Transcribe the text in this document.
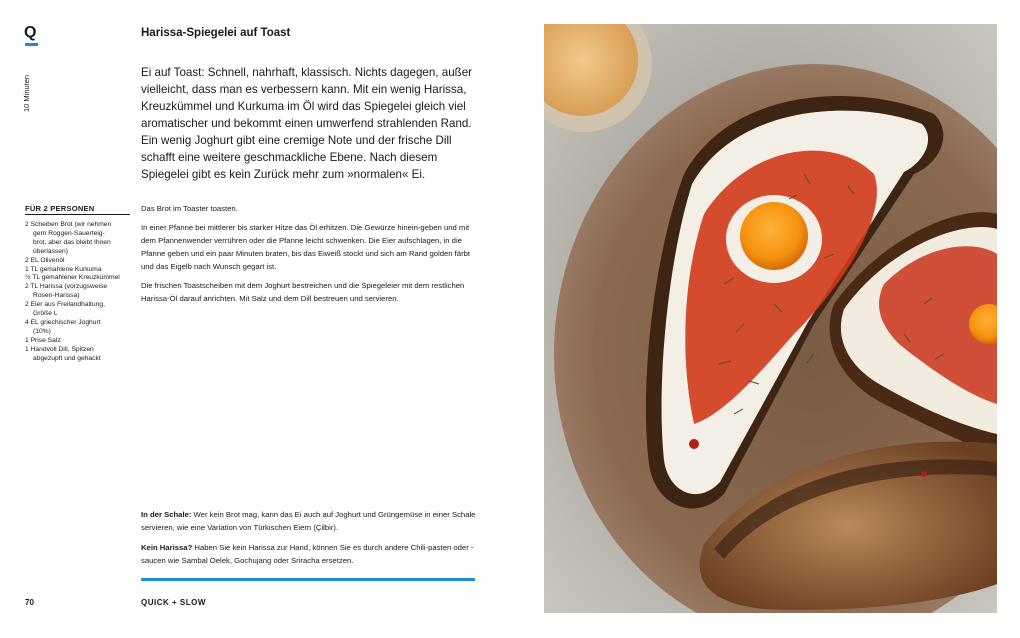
Q
10 Minuten
Harissa-Spiegelei auf Toast
Ei auf Toast: Schnell, nahrhaft, klassisch. Nichts dagegen, außer vielleicht, dass man es verbessern kann. Mit ein wenig Harissa, Kreuzkümmel und Kurkuma im Öl wird das Spiegelei gleich viel aromatischer und bekommt einen umwerfend strahlenden Rand. Ein wenig Joghurt gibt eine cremige Note und der frische Dill schafft eine weitere geschmackliche Ebene. Nach diesem Spiegelei gibt es kein Zurück mehr zum »normalen« Ei.
FÜR 2 PERSONEN
2 Scheiben Brot (wir nehmen
gern Roggen-Sauerteig-
brot, aber das bleibt Ihnen
überlassen)
2 EL Olivenöl
1 TL gemahlene Kurkuma
½ TL gemahlener Kreuzkümmel
2 TL Harissa (vorzugsweise
Rosen-Harissa)
2 Eier aus Freilandhaltung,
Größe L
4 EL griechischer Joghurt
(10%)
1 Prise Salz
1 Handvoll Dill, Spitzen
abgezupft und gehackt

Das Brot im Toaster toasten.

In einer Pfanne bei mittlerer bis starker Hitze das Öl erhitzen. Die Gewürze hinein-geben und mit dem Pfannenwender verrühren oder die Pfanne leicht schwenken. Die Eier aufschlagen, in die Pfanne geben und ein paar Minuten braten, bis das Eiweiß stockt und sich am Rand golden färbt und das Eigelb nach Wunsch gegart ist.

Die frischen Toastscheiben mit dem Joghurt bestreichen und die Spiegeleier mit dem restlichen Harissa-Öl darauf anrichten. Mit Salz und dem Dill bestreuen und servieren.

In der Schale: Wer kein Brot mag, kann das Ei auch auf Joghurt und Grüngemüse in einer Schale servieren, wie eine Variation von Türkischen Eiern (Çilbir).

Kein Harissa? Haben Sie kein Harissa zur Hand, können Sie es durch andere Chili-pasten oder -saucen wie Sambal Oelek, Gochujang oder Sriracha ersetzen.

70	QUICK + SLOW
